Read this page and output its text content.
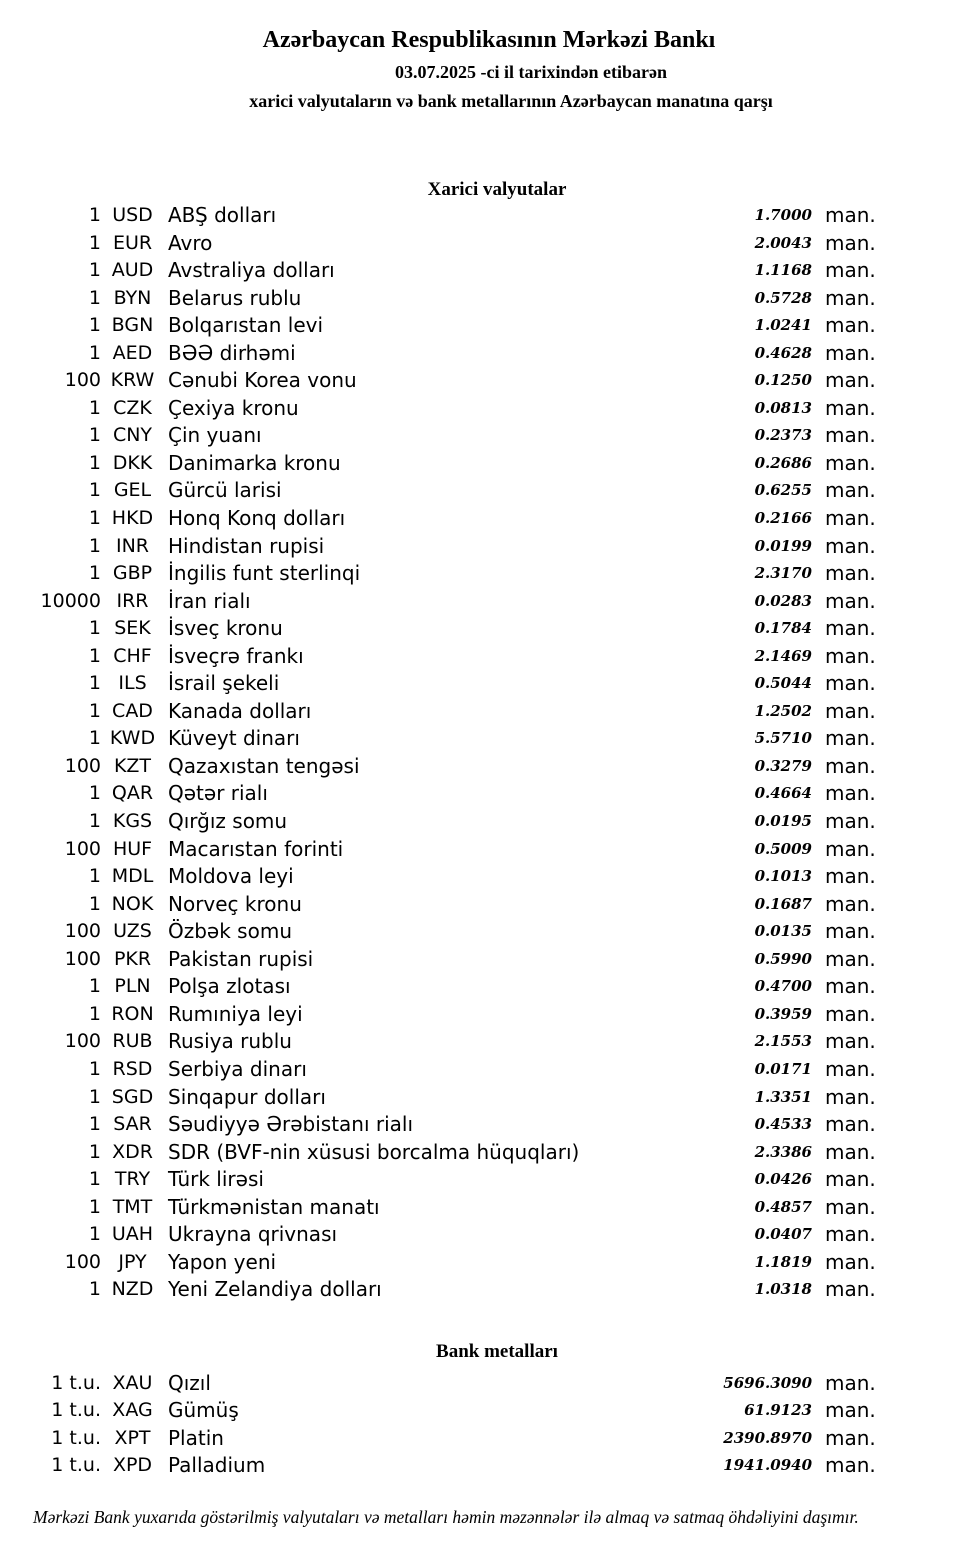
Azərbaycan Respublikasının Mərkəzi Bankı
03.07.2025 -ci il tarixindən etibarən
xarici valyutaların və bank metallarının Azərbaycan manatına qarşı
Xarici valyutalar
1 USD ABŞ dolları	1.7000 man.
1 EUR Avro	2.0043 man.
1 AUD Avstraliya dolları	1.1168 man.
1 BYN Belarus rublu	0.5728 man.
1 BGN Bolqarıstan levi	1.0241 man.
1 AED BƏƏ dirhəmi	0.4628 man.
100 KRW Cənubi Korea vonu	0.1250 man.
1 CZK Çexiya kronu	0.0813 man.
1 CNY Çin yuanı	0.2373 man.
1 DKK Danimarka kronu	0.2686 man.
1 GEL Gürcü larisi	0.6255 man.
1 HKD Honq Konq dolları	0.2166 man.
1 INR Hindistan rupisi	0.0199 man.
1 GBP İngilis funt sterlinqi	2.3170 man.
10000 IRR İran rialı	0.0283 man.
1 SEK İsveç kronu	0.1784 man.
1 CHF İsveçrə frankı	2.1469 man.
1 ILS	İsrail şekeli	0.5044 man.
1 CAD Kanada dolları	1.2502 man.
1 KWD Küveyt dinarı	5.5710 man.
100 KZT Qazaxıstan tengəsi	0.3279 man.
1 QAR Qətər rialı	0.4664 man.
1 KGS Qırğız somu	0.0195 man.
100 HUF Macarıstan forinti	0.5009 man.
1 MDL Moldova leyi	0.1013 man.
1 NOK Norveç kronu	0.1687 man.
100 UZS Özbək somu	0.0135 man.
100 PKR Pakistan rupisi	0.5990 man.
1 PLN Polşa zlotası	0.4700 man.
1 RON Rumıniya leyi	0.3959 man.
100 RUB Rusiya rublu	2.1553 man.
1 RSD Serbiya dinarı	0.0171 man.
1 SGD Sinqapur dolları	1.3351 man.
1 SAR Səudiyyə Ərəbistanı rialı	0.4533 man.
1 XDR SDR (BVF-nin xüsusi borcalma hüquqları)	2.3386 man.
1 TRY Türk lirəsi	0.0426 man.
1 TMT Türkmənistan manatı	0.4857 man.
1 UAH Ukrayna qrivnası	0.0407 man.
100 JPY	Yapon yeni	1.1819 man.
1 NZD Yeni Zelandiya dolları	1.0318 man.
Bank metalları
1 t.u. XAU Qızıl	5696.3090 man.
1 t.u. XAG Gümüş	61.9123 man.
1 t.u. XPT Platin	2390.8970 man.
1 t.u. XPD Palladium	1941.0940 man.
Mərkəzi Bank yuxarıda göstərilmiş valyutaları və metalları həmin məzənnələr ilə almaq və satmaq öhdəliyini daşımır.
